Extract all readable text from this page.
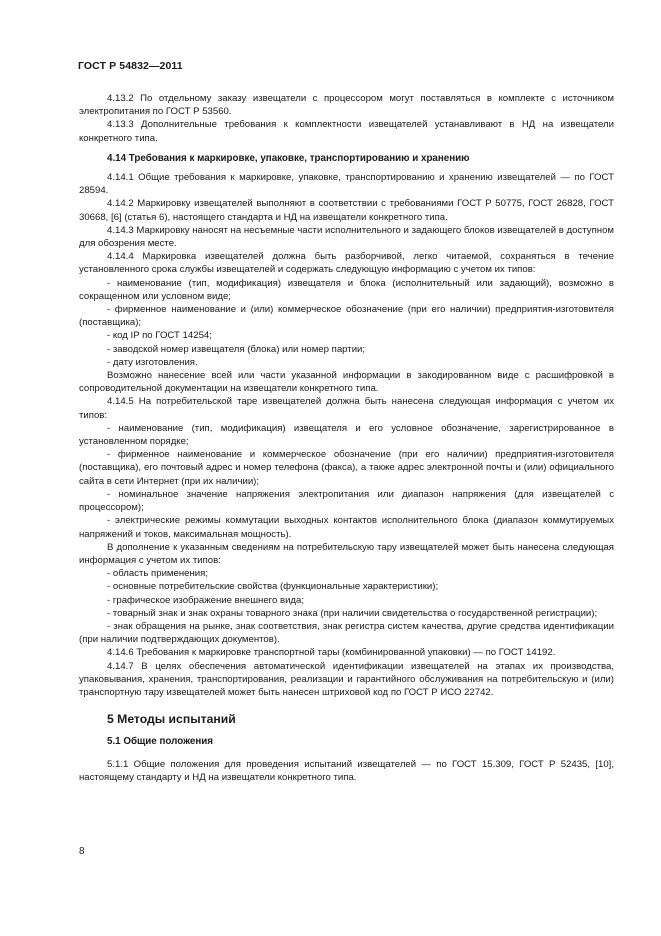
ГОСТ Р 54832—2011

4.13.2 По отдельному заказу извещатели с процессором могут поставляться в комплекте с источником электропитания по ГОСТ Р 53560.

4.13.3 Дополнительные требования к комплектности извещателей устанавливают в НД на извещатели конкретного типа.

4.14 Требования к маркировке, упаковке, транспортированию и хранению

4.14.1 Общие требования к маркировке, упаковке, транспортированию и хранению извещателей — по ГОСТ 28594.

4.14.2 Маркировку извещателей выполняют в соответствии с требованиями ГОСТ Р 50775, ГОСТ 26828, ГОСТ 30668, [6] (статья 6), настоящего стандарта и НД на извещатели конкретного типа.

4.14.3 Маркировку наносят на несъемные части исполнительного и задающего блоков извещателей в доступном для обозрения месте.

4.14.4 Маркировка извещателей должна быть разборчивой, легко читаемой, сохраняться в течение установленного срока службы извещателей и содержать следующую информацию с учетом их типов:

- наименование (тип, модификация) извещателя и блока (исполнительный или задающий), возможно в сокращенном или условном виде;

- фирменное наименование и (или) коммерческое обозначение (при его наличии) предприятия-изготовителя (поставщика);

- код IP по ГОСТ 14254;

- заводской номер извещателя (блока) или номер партии;

- дату изготовления.

Возможно нанесение всей или части указанной информации в закодированном виде с расшифровкой в сопроводительной документации на извещатели конкретного типа.

4.14.5 На потребительской таре извещателей должна быть нанесена следующая информация с учетом их типов:

- наименование (тип, модификация) извещателя и его условное обозначение, зарегистрированное в установленном порядке;

- фирменное наименование и коммерческое обозначение (при его наличии) предприятия-изготовителя (поставщика), его почтовый адрес и номер телефона (факса), а также адрес электронной почты и (или) официального сайта в сети Интернет (при их наличии);

- номинальное значение напряжения электропитания или диапазон напряжения (для извещателей с процессором);

- электрические режимы коммутации выходных контактов исполнительного блока (диапазон коммутируемых напряжений и токов, максимальная мощность).

В дополнение к указанным сведениям на потребительскую тару извещателей может быть нанесена следующая информация с учетом их типов:

- область применения;

- основные потребительские свойства (функциональные характеристики);

- графическое изображение внешнего вида;

- товарный знак и знак охраны товарного знака (при наличии свидетельства о государственной регистрации);

- знак обращения на рынке, знак соответствия, знак регистра систем качества, другие средства идентификации (при наличии подтверждающих документов).

4.14.6 Требования к маркировке транспортной тары (комбинированной упаковки) — по ГОСТ 14192.

4.14.7 В целях обеспечения автоматической идентификации извещателей на этапах их производства, упаковывания, хранения, транспортирования, реализации и гарантийного обслуживания на потребительскую и (или) транспортную тару извещателей может быть нанесен штриховой код по ГОСТ Р ИСО 22742.

5 Методы испытаний
5.1 Общие положения

5.1.1 Общие положения для проведения испытаний извещателей — по ГОСТ 15.309, ГОСТ Р 52435, [10], настоящему стандарту и НД на извещатели конкретного типа.

8
